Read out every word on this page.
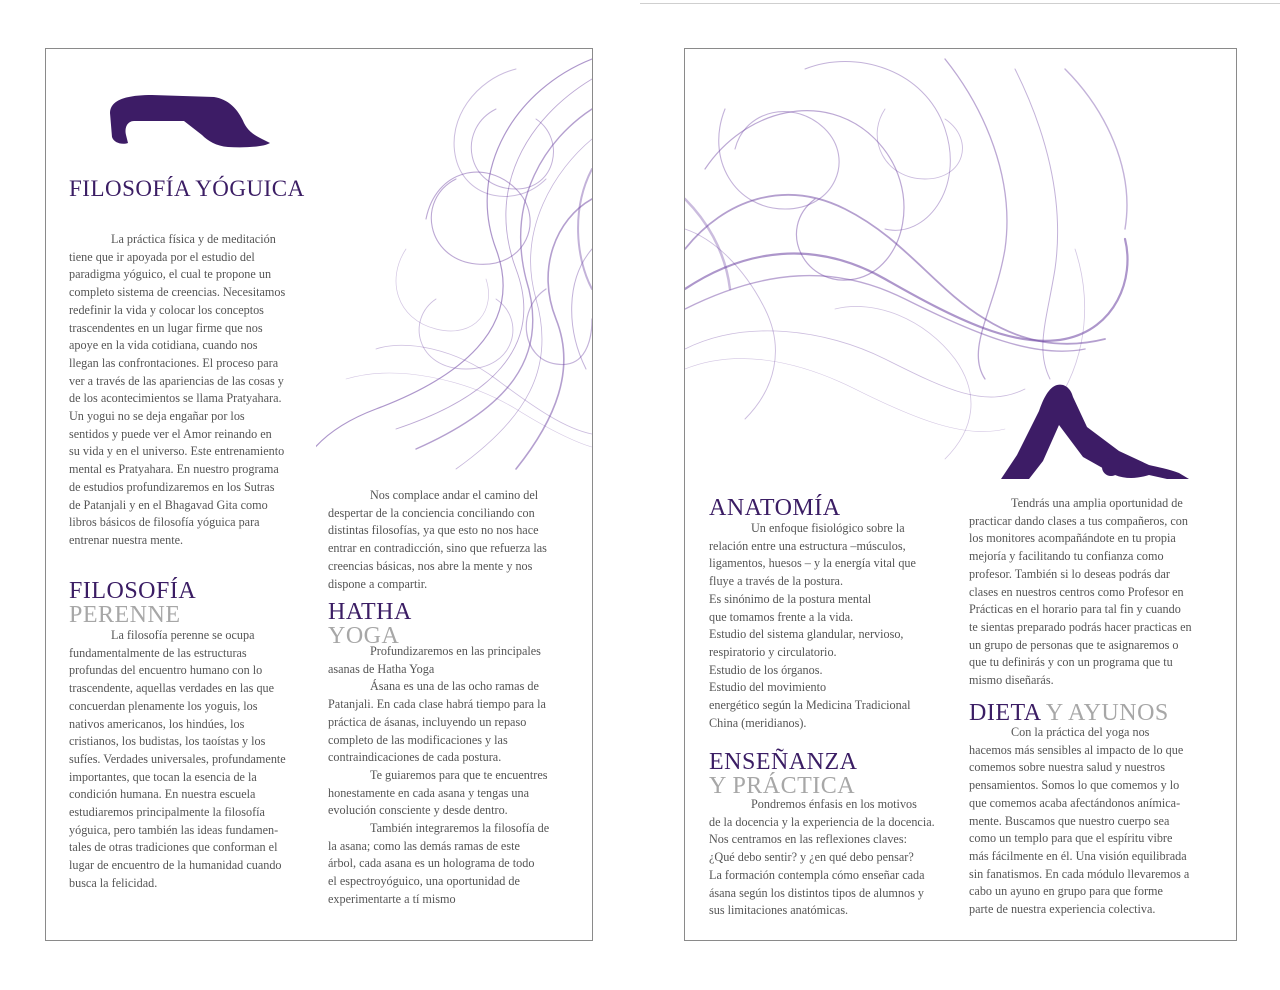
FILOSOFÍA YÓGUICA

La práctica física y de meditación
tiene que ir apoyada por el estudio del
paradigma yóguico, el cual te propone un
completo sistema de creencias. Necesitamos
redefinir la vida y colocar los conceptos
trascendentes en un lugar firme que nos
apoye en la vida cotidiana, cuando nos
llegan las confrontaciones. El proceso para
ver a través de las apariencias de las cosas y
de los acontecimientos se llama Pratyahara.
Un yogui no se deja engañar por los
sentidos y puede ver el Amor reinando en
su vida y en el universo. Este entrenamiento
mental es Pratyahara. En nuestro programa
de estudios profundizaremos en los Sutras
de Patanjali y en el Bhagavad Gita como
libros básicos de filosofía yóguica para
entrenar nuestra mente.

FILOSOFÍA
PERENNE

La filosofía perenne se ocupa
fundamentalmente de las estructuras
profundas del encuentro humano con lo
trascendente, aquellas verdades en las que
concuerdan plenamente los yoguis, los
nativos americanos, los hindúes, los
cristianos, los budistas, los taoístas y los
sufíes. Verdades universales, profundamente
importantes, que tocan la esencia de la
condición humana. En nuestra escuela
estudiaremos principalmente la filosofía
yóguica, pero también las ideas fundamen-
tales de otras tradiciones que conforman el
lugar de encuentro de la humanidad cuando
busca la felicidad.

Nos complace andar el camino del
despertar de la conciencia conciliando con
distintas filosofías, ya que esto no nos hace
entrar en contradicción, sino que refuerza las
creencias básicas, nos abre la mente y nos
dispone a compartir.

HATHA
YOGA

Profundizaremos en las principales
asanas de Hatha Yoga

Ásana es una de las ocho ramas de
Patanjali. En cada clase habrá tiempo para la
práctica de ásanas, incluyendo un repaso
completo de las modificaciones y las
contraindicaciones de cada postura.

Te guiaremos para que te encuentres
honestamente en cada asana y tengas una
evolución consciente y desde dentro.

También integraremos la filosofía de
la asana; como las demás ramas de este
árbol, cada asana es un holograma de todo
el espectroyóguico, una oportunidad de
experimentarte a tí mismo

ANATOMÍA

Un enfoque fisiológico sobre la
relación entre una estructura –músculos,
ligamentos, huesos – y la energía vital que
fluye a través de la postura.
Es sinónimo de la postura mental
que tomamos frente a la vida.
Estudio del sistema glandular, nervioso,
respiratorio y circulatorio.
Estudio de los órganos.
Estudio del movimiento
energético según la Medicina Tradicional
China (meridianos).

ENSEÑANZA
Y PRÁCTICA

Pondremos énfasis en los motivos
de la docencia y la experiencia de la docencia.
Nos centramos en las reflexiones claves:
¿Qué debo sentir? y ¿en qué debo pensar?
La formación contempla cómo enseñar cada
ásana según los distintos tipos de alumnos y
sus limitaciones anatómicas.

Tendrás una amplia oportunidad de
practicar dando clases a tus compañeros, con
los monitores acompañándote en tu propia
mejoría y facilitando tu confianza como
profesor. También si lo deseas podrás dar
clases en nuestros centros como Profesor en
Prácticas en el horario para tal fin y cuando
te sientas preparado podrás hacer practicas en
un grupo de personas que te asignaremos o
que tu definirás y con un programa que tu
mismo diseñarás.

DIETA Y AYUNOS

Con la práctica del yoga nos
hacemos más sensibles al impacto de lo que
comemos sobre nuestra salud y nuestros
pensamientos. Somos lo que comemos y lo
que comemos acaba afectándonos anímica-
mente. Buscamos que nuestro cuerpo sea
como un templo para que el espíritu vibre
más fácilmente en él. Una visión equilibrada
sin fanatismos. En cada módulo llevaremos a
cabo un ayuno en grupo para que forme
parte de nuestra experiencia colectiva.
